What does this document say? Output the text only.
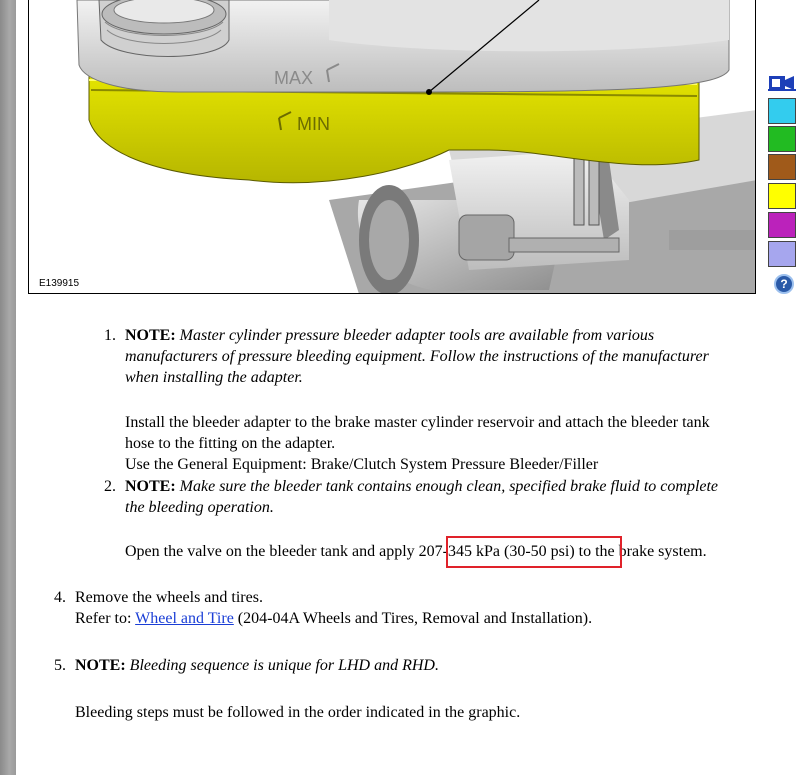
MAX
MIN
E139915	?
1. NOTE: Master cylinder pressure bleeder adapter tools are available from various
manufacturers of pressure bleeding equipment. Follow the instructions of the manufacturer
when installing the adapter.
Install the bleeder adapter to the brake master cylinder reservoir and attach the bleeder tank
hose to the fitting on the adapter.
Use the General Equipment: Brake/Clutch System Pressure Bleeder/Filler
2. NOTE: Make sure the bleeder tank contains enough clean, specified brake fluid to complete
the bleeding operation.
Open the valve on the bleeder tank and apply 207-345 kPa (30-50 psi) to the brake system.
4. Remove the wheels and tires.
Refer to: Wheel and Tire (204-04A Wheels and Tires, Removal and Installation).
5. NOTE: Bleeding sequence is unique for LHD and RHD.
Bleeding steps must be followed in the order indicated in the graphic.
